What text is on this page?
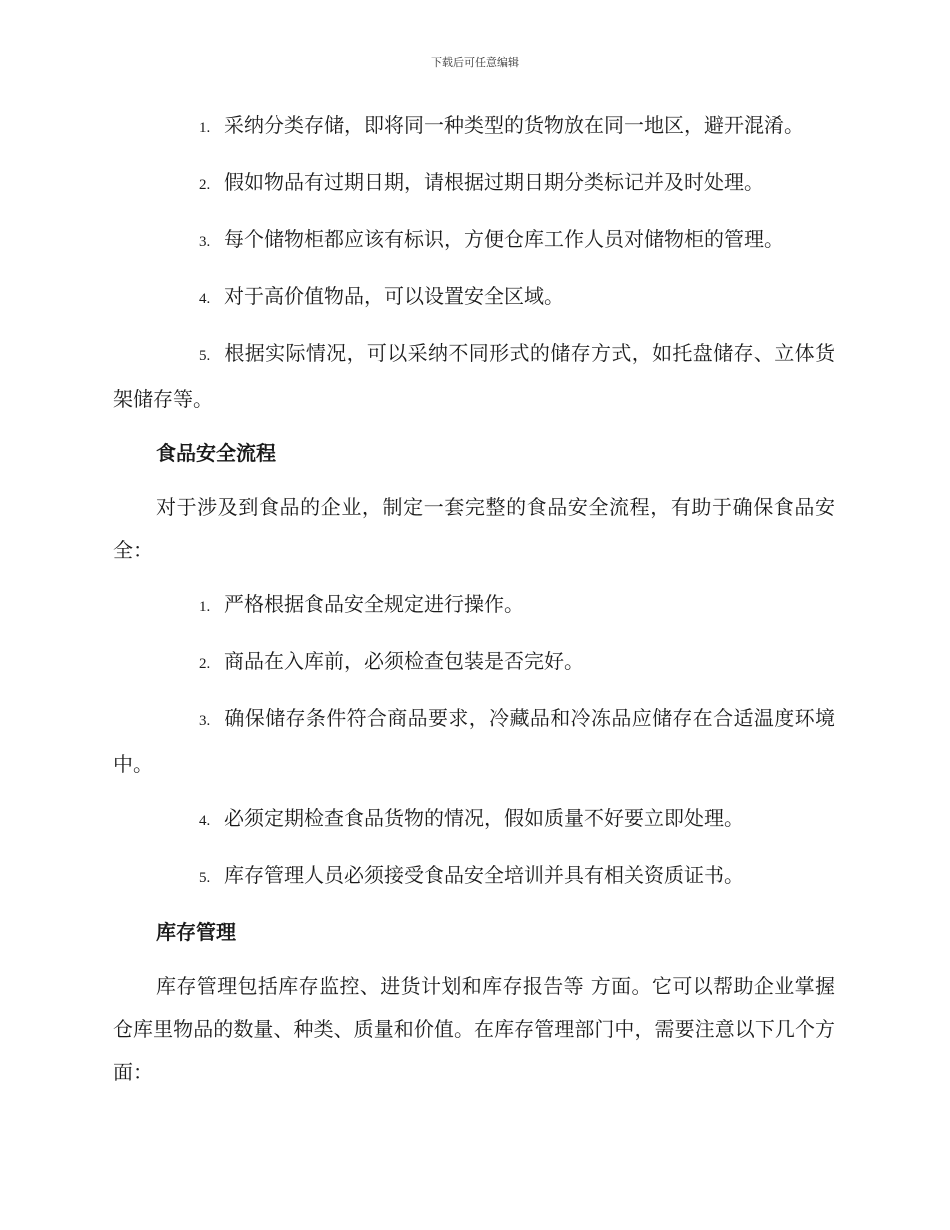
下载后可任意编辑

1. 采纳分类存储，即将同一种类型的货物放在同一地区，避开混淆。

2. 假如物品有过期日期，请根据过期日期分类标记并及时处理。

3. 每个储物柜都应该有标识，方便仓库工作人员对储物柜的管理。

4. 对于高价值物品，可以设置安全区域。

5. 根据实际情况，可以采纳不同形式的储存方式，如托盘储存、立体货架储存等。

食品安全流程

对于涉及到食品的企业，制定一套完整的食品安全流程，有助于确保食品安全：

1. 严格根据食品安全规定进行操作。

2. 商品在入库前，必须检查包装是否完好。

3. 确保储存条件符合商品要求，冷藏品和冷冻品应储存在合适温度环境中。

4. 必须定期检查食品货物的情况，假如质量不好要立即处理。

5. 库存管理人员必须接受食品安全培训并具有相关资质证书。

库存管理

库存管理包括库存监控、进货计划和库存报告等 方面。它可以帮助企业掌握仓库里物品的数量、种类、质量和价值。在库存管理部门中，需要注意以下几个方面：
